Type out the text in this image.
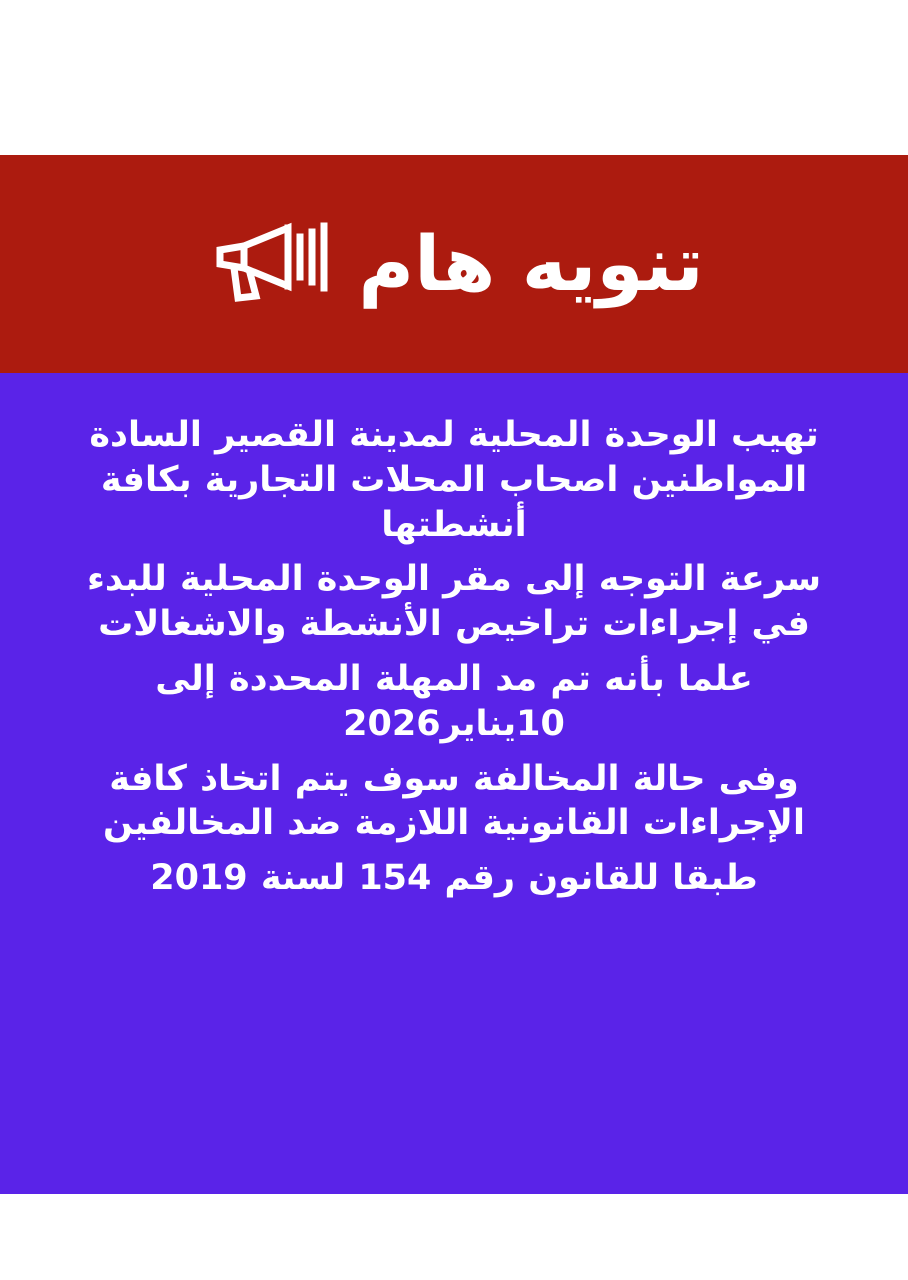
تنويه هام

تهيب الوحدة المحلية لمدينة القصير السادة المواطنين اصحاب المحلات التجارية بكافة أنشطتها

سرعة التوجه إلى مقر الوحدة المحلية للبدء في إجراءات تراخيص الأنشطة والاشغالات

علما بأنه تم مد المهلة المحددة إلى 10يناير2026

وفى حالة المخالفة سوف يتم اتخاذ كافة الإجراءات القانونية اللازمة ضد المخالفين

طبقا للقانون رقم 154 لسنة 2019
